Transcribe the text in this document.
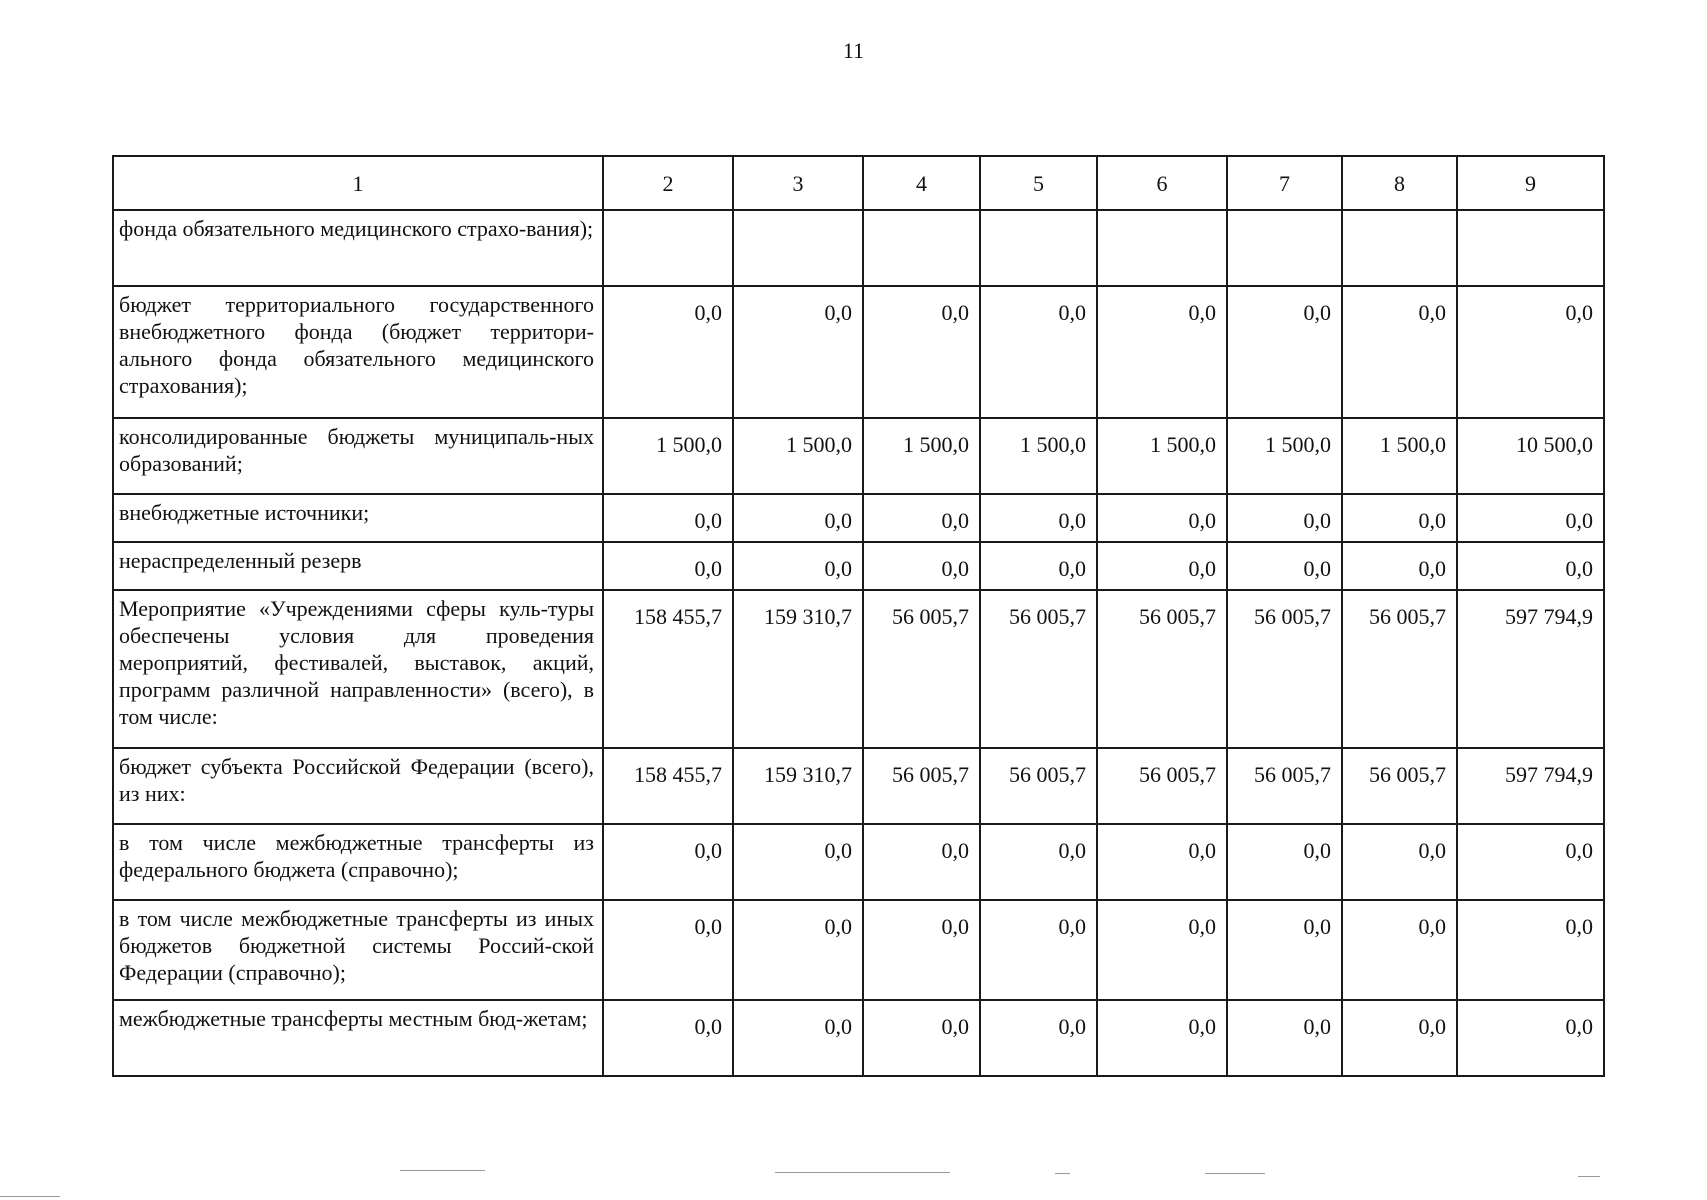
11
1	2	3	4	5	6	7	8	9
фонда обязательного медицинского страхо-вания);								
бюджет территориального государственного внебюджетного фонда (бюджет территори-ального фонда обязательного медицинского страхования);	0,0	0,0	0,0	0,0	0,0	0,0	0,0	0,0
консолидированные бюджеты муниципаль-ных образований;	1 500,0	1 500,0	1 500,0	1 500,0	1 500,0	1 500,0	1 500,0	10 500,0
внебюджетные источники;	0,0	0,0	0,0	0,0	0,0	0,0	0,0	0,0
нераспределенный резерв	0,0	0,0	0,0	0,0	0,0	0,0	0,0	0,0
Мероприятие «Учреждениями сферы куль-туры обеспечены условия для проведения мероприятий, фестивалей, выставок, акций, программ различной направленности» (всего), в том числе:	158 455,7	159 310,7	56 005,7	56 005,7	56 005,7	56 005,7	56 005,7	597 794,9
бюджет субъекта Российской Федерации (всего), из них:	158 455,7	159 310,7	56 005,7	56 005,7	56 005,7	56 005,7	56 005,7	597 794,9
в том числе межбюджетные трансферты из федерального бюджета (справочно);	0,0	0,0	0,0	0,0	0,0	0,0	0,0	0,0
в том числе межбюджетные трансферты из иных бюджетов бюджетной системы Россий-ской Федерации (справочно);	0,0	0,0	0,0	0,0	0,0	0,0	0,0	0,0
межбюджетные трансферты местным бюд-жетам;	0,0	0,0	0,0	0,0	0,0	0,0	0,0	0,0
